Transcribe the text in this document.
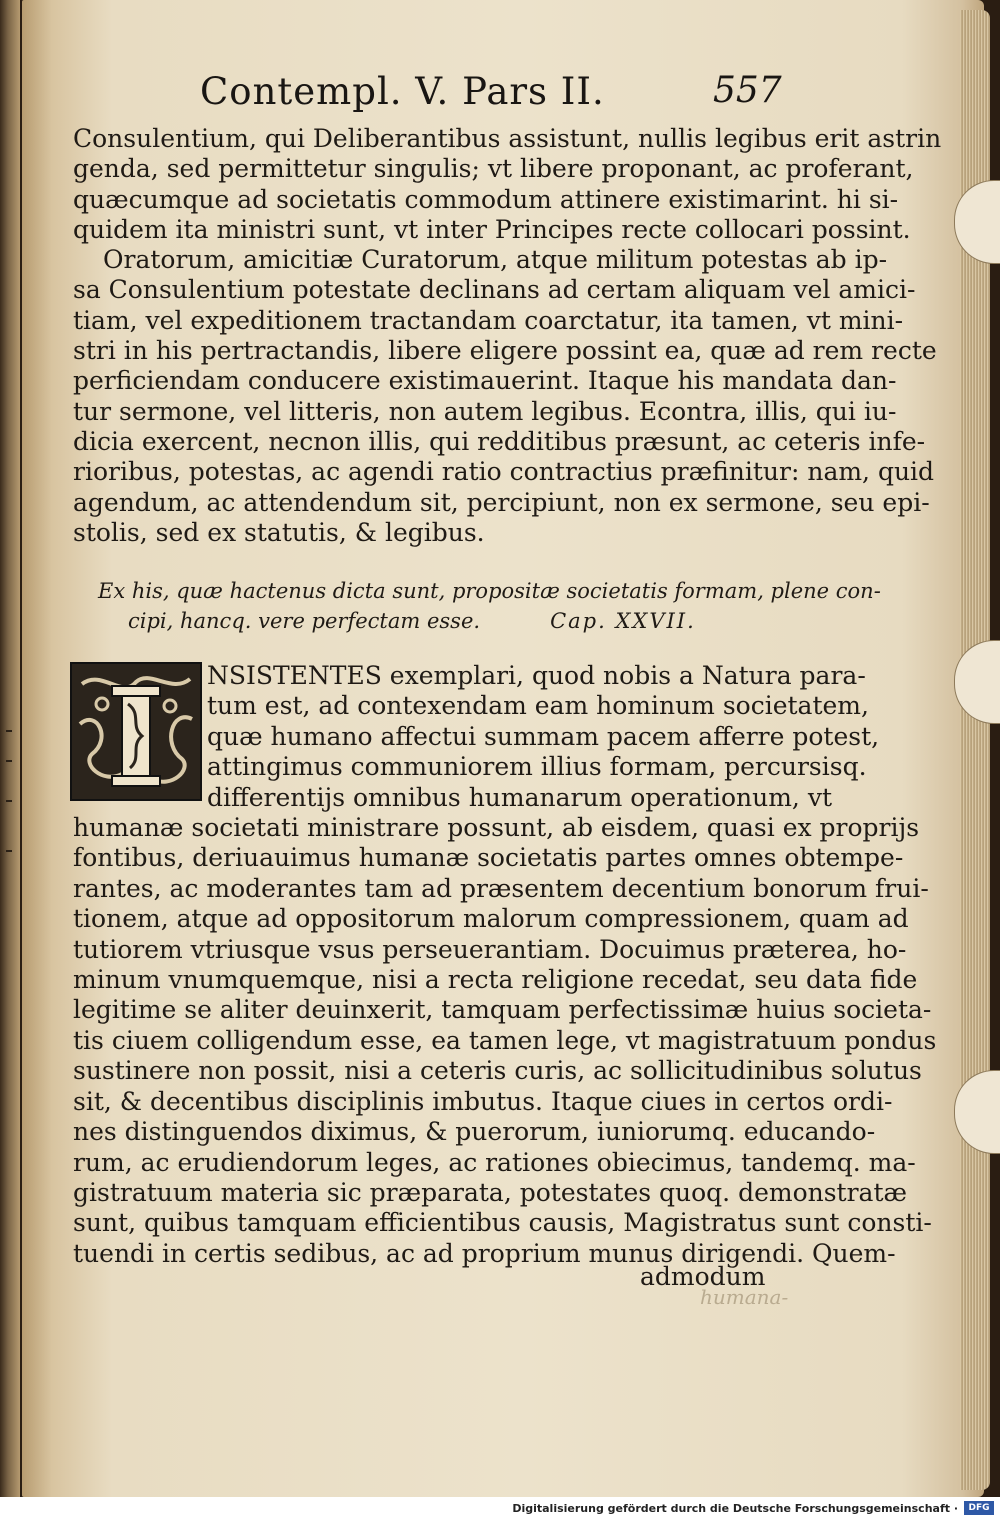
Contempl. V. Pars II.	557
Consulentium, qui Deliberantibus assistunt, nullis legibus erit astrin
genda, sed permittetur singulis; vt libere proponant, ac proferant,
quæcumque ad societatis commodum attinere existimarint. hi si-
quidem ita ministri sunt, vt inter Principes recte collocari possint.
Oratorum, amicitiæ Curatorum, atque militum potestas ab ip-
sa Consulentium potestate declinans ad certam aliquam vel amici-
tiam, vel expeditionem tractandam coarctatur, ita tamen, vt mini-
stri in his pertractandis, libere eligere possint ea, quæ ad rem recte
perficiendam conducere existimauerint. Itaque his mandata dan-
tur sermone, vel litteris, non autem legibus. Econtra, illis, qui iu-
dicia exercent, necnon illis, qui redditibus præsunt, ac ceteris infe-
rioribus, potestas, ac agendi ratio contractius præfinitur: nam, quid
agendum, ac attendendum sit, percipiunt, non ex sermone, seu epi-
stolis, sed ex statutis, & legibus.
Ex his, quæ hactenus dicta sunt, propositæ societatis formam, plene con-
cipi, hancq. vere perfectam esse.	Cap. XXVII.
NSISTENTES exemplari, quod nobis a Natura para-
tum est, ad contexendam eam hominum societatem,
quæ humano affectui summam pacem afferre potest,
attingimus communiorem illius formam, percursisq.
differentijs omnibus humanarum operationum, vt
humanæ societati ministrare possunt, ab eisdem, quasi ex proprijs
fontibus, deriuauimus humanæ societatis partes omnes obtempe-
rantes, ac moderantes tam ad præsentem decentium bonorum frui-
tionem, atque ad oppositorum malorum compressionem, quam ad
tutiorem vtriusque vsus perseuerantiam. Docuimus præterea, ho-
minum vnumquemque, nisi a recta religione recedat, seu data fide
legitime se aliter deuinxerit, tamquam perfectissimæ huius societa-
tis ciuem colligendum esse, ea tamen lege, vt magistratuum pondus
sustinere non possit, nisi a ceteris curis, ac sollicitudinibus solutus
sit, & decentibus disciplinis imbutus. Itaque ciues in certos ordi-
nes distinguendos diximus, & puerorum, iuniorumq. educando-
rum, ac erudiendorum leges, ac rationes obiecimus, tandemq. ma-
gistratuum materia sic præparata, potestates quoq. demonstratæ
sunt, quibus tamquam efficientibus causis, Magistratus sunt consti-
tuendi in certis sedibus, ac ad proprium munus dirigendi. Quem-
admodum
humana-
Digitalisierung gefördert durch die Deutsche Forschungsgemeinschaft ·	DFG
